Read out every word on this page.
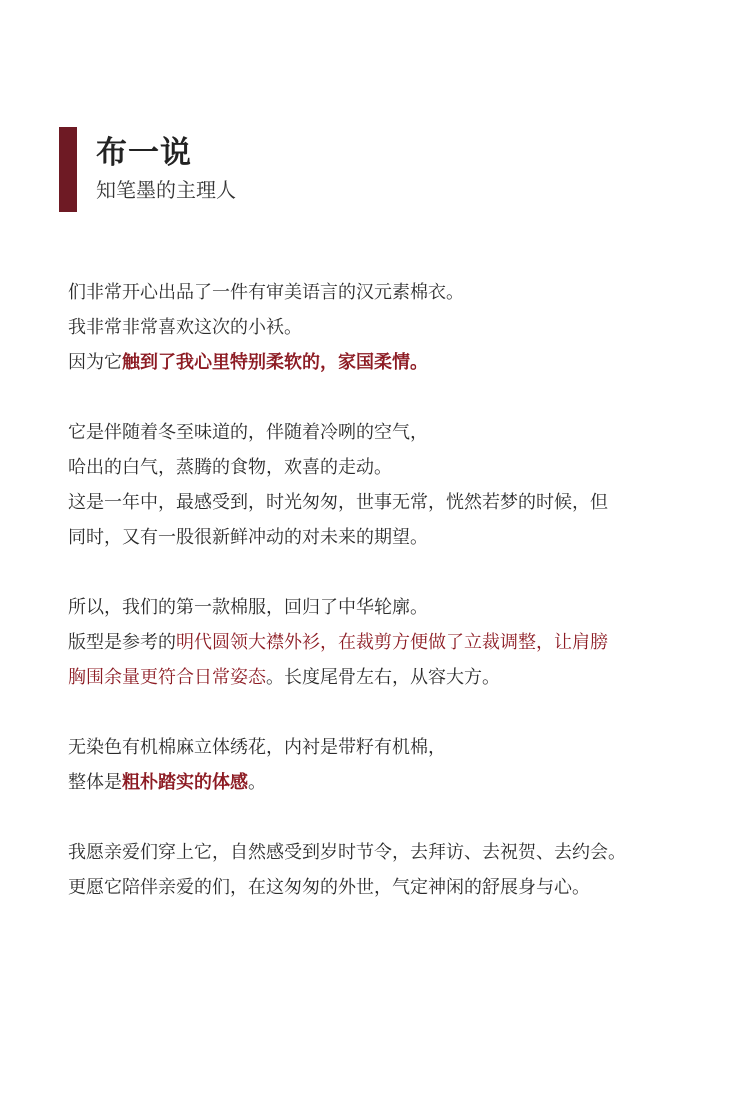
布一说
知笔墨的主理人
们非常开心出品了一件有审美语言的汉元素棉衣。
我非常非常喜欢这次的小袄。
因为它触到了我心里特别柔软的，家国柔情。
它是伴随着冬至味道的，伴随着冷咧的空气，
哈出的白气，蒸腾的食物，欢喜的走动。
这是一年中，最感受到，时光匆匆，世事无常，恍然若梦的时候，但
同时，又有一股很新鲜冲动的对未来的期望。
所以，我们的第一款棉服，回归了中华轮廓。
版型是参考的明代圆领大襟外衫，在裁剪方便做了立裁调整，让肩膀
胸围余量更符合日常姿态。长度尾骨左右，从容大方。
无染色有机棉麻立体绣花，内衬是带籽有机棉，
整体是粗朴踏实的体感。
我愿亲爱们穿上它，自然感受到岁时节令，去拜访、去祝贺、去约会。
更愿它陪伴亲爱的们，在这匆匆的外世，气定神闲的舒展身与心。
